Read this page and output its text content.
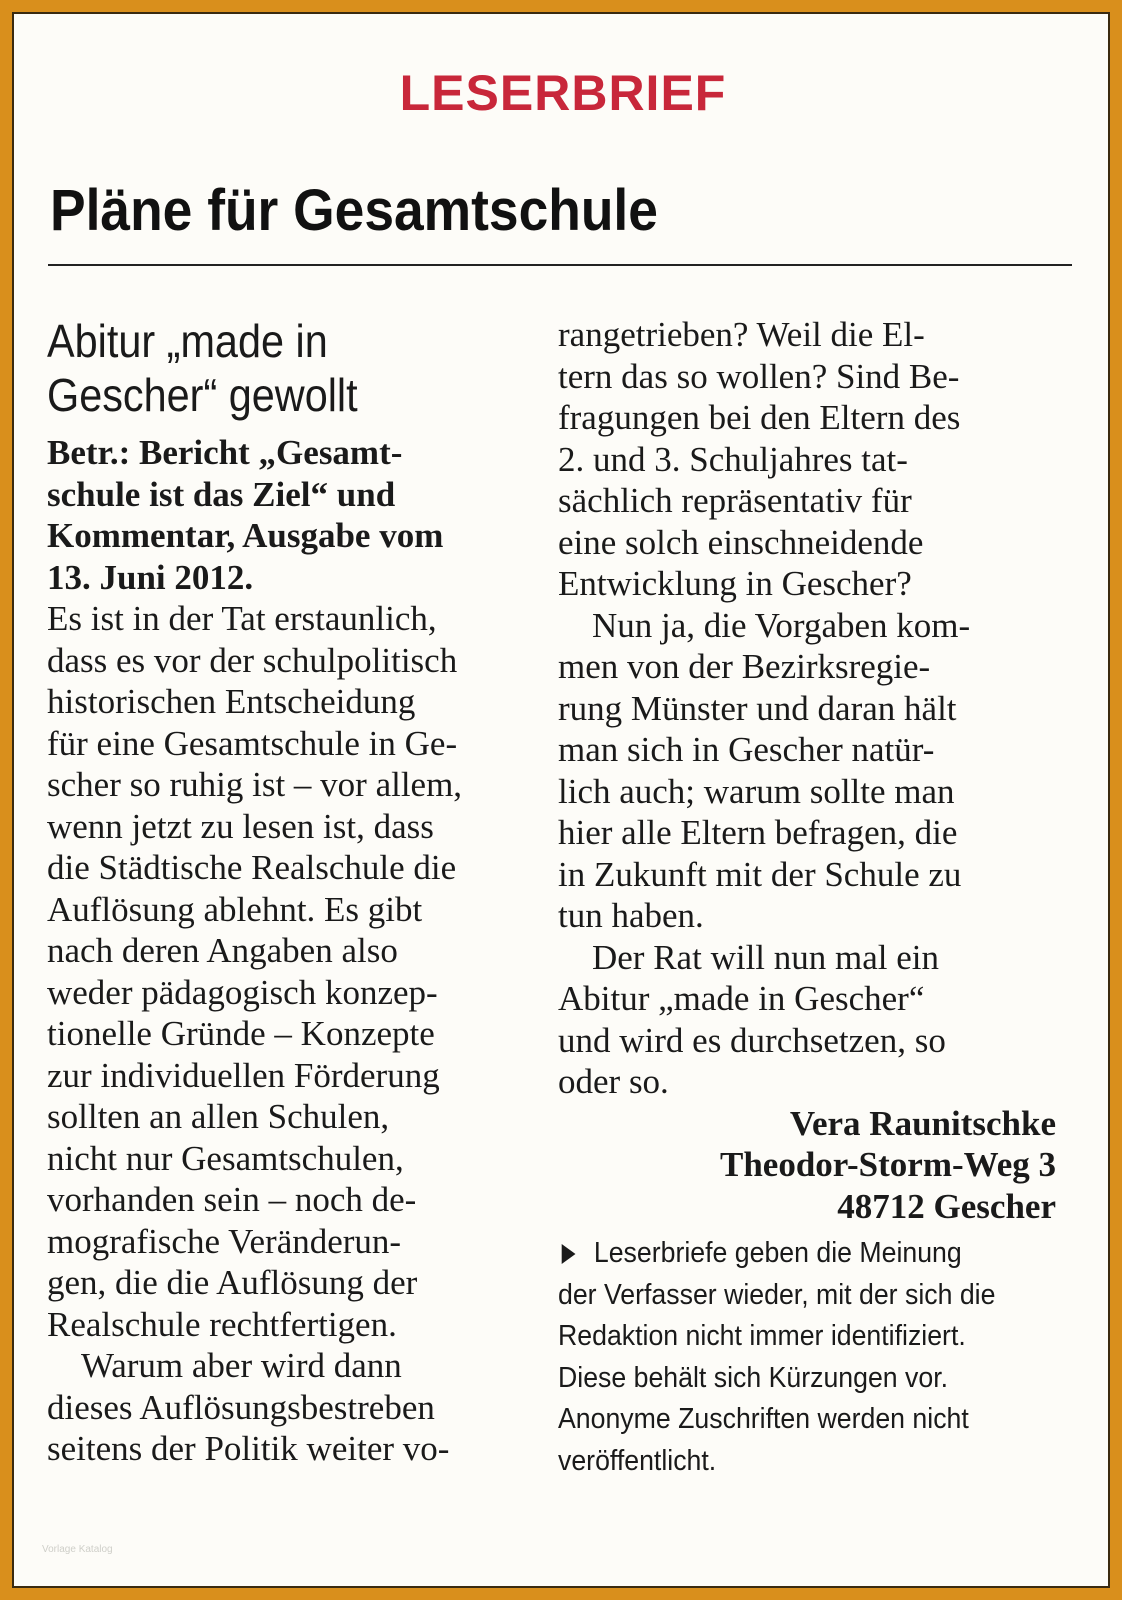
LESERBRIEF
Pläne für Gesamtschule
Abitur „made in
Gescher“ gewollt

Betr.: Bericht „Gesamt-

schule ist das Ziel“ und

Kommentar, Ausgabe vom

13. Juni 2012.

Es ist in der Tat erstaunlich,

dass es vor der schulpolitisch

historischen Entscheidung

für eine Gesamtschule in Ge-

scher so ruhig ist – vor allem,

wenn jetzt zu lesen ist, dass

die Städtische Realschule die

Auflösung ablehnt. Es gibt

nach deren Angaben also

weder pädagogisch konzep-

tionelle Gründe – Konzepte

zur individuellen Förderung

sollten an allen Schulen,

nicht nur Gesamtschulen,

vorhanden sein – noch de-

mografische Veränderun-

gen, die die Auflösung der

Realschule rechtfertigen.

Warum aber wird dann

dieses Auflösungsbestreben

seitens der Politik weiter vo-

rangetrieben? Weil die El-

tern das so wollen? Sind Be-

fragungen bei den Eltern des

2. und 3. Schuljahres tat-

sächlich repräsentativ für

eine solch einschneidende

Entwicklung in Gescher?

Nun ja, die Vorgaben kom-

men von der Bezirksregie-

rung Münster und daran hält

man sich in Gescher natür-

lich auch; warum sollte man

hier alle Eltern befragen, die

in Zukunft mit der Schule zu

tun haben.

Der Rat will nun mal ein

Abitur „made in Gescher“

und wird es durchsetzen, so

oder so.

Vera Raunitschke

Theodor-Storm-Weg 3

48712 Gescher

Leserbriefe geben die Meinung

der Verfasser wieder, mit der sich die

Redaktion nicht immer identifiziert.

Diese behält sich Kürzungen vor.

Anonyme Zuschriften werden nicht

veröffentlicht.

Vorlage Katalog
